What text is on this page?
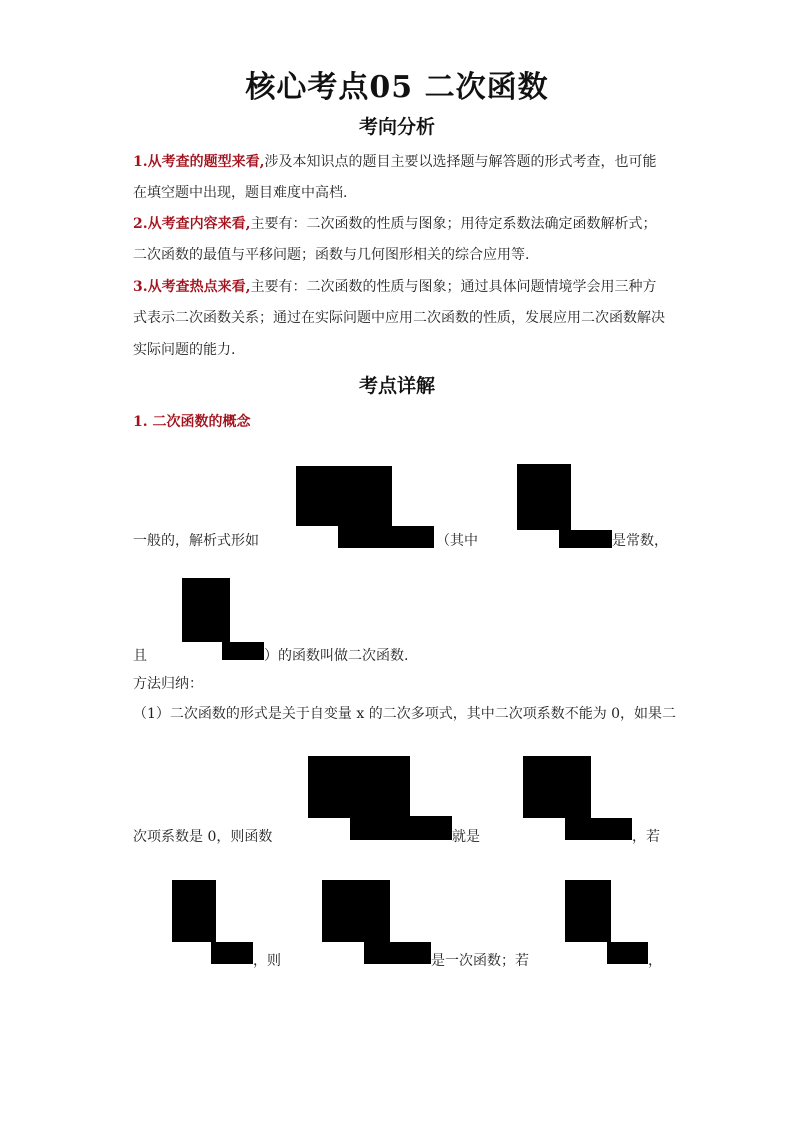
核心考点05 二次函数
考向分析
1.从考查的题型来看,涉及本知识点的题目主要以选择题与解答题的形式考查，也可能
在填空题中出现，题目难度中高档.
2.从考查内容来看,主要有：二次函数的性质与图象；用待定系数法确定函数解析式；
二次函数的最值与平移问题；函数与几何图形相关的综合应用等.
3.从考查热点来看,主要有：二次函数的性质与图象；通过具体问题情境学会用三种方
式表示二次函数关系；通过在实际问题中应用二次函数的性质，发展应用二次函数解决
实际问题的能力.
考点详解
1. 二次函数的概念
一般的，解析式形如	（其中	是常数，
且	）的函数叫做二次函数.
方法归纳：
（1）二次函数的形式是关于自变量 x 的二次多项式，其中二次项系数不能为 0，如果二
次项系数是 0，则函数	就是	，若
，则	是一次函数；若	，
